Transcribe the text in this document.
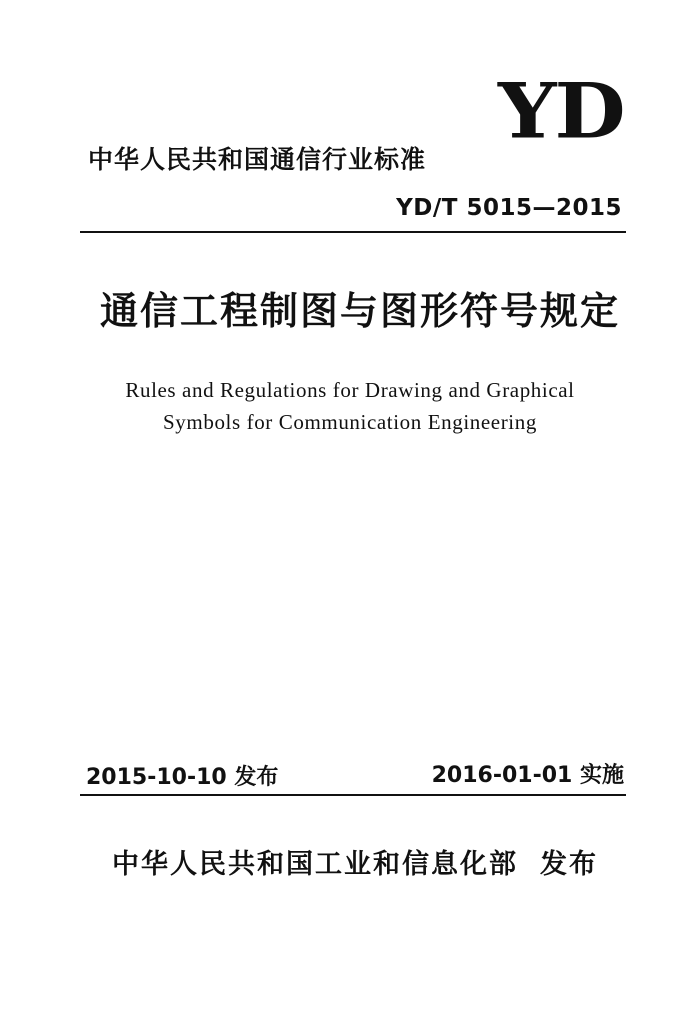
中华人民共和国通信行业标准
YD
YD/T 5015—2015
通信工程制图与图形符号规定
Rules and Regulations for Drawing and Graphical
Symbols for Communication Engineering
2015-10-10 发布	2016-01-01 实施
中华人民共和国工业和信息化部 发布
